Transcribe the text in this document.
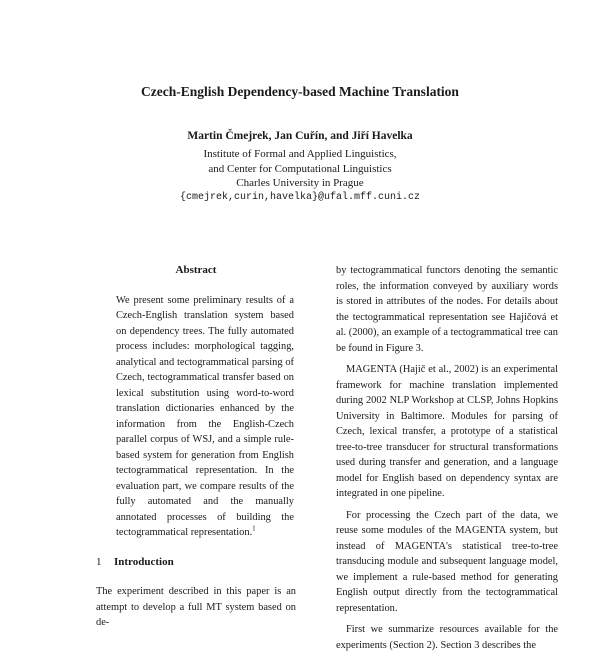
Czech-English Dependency-based Machine Translation
Martin Čmejrek, Jan Cuřín, and Jiří Havelka
Institute of Formal and Applied Linguistics,
and Center for Computational Linguistics
Charles University in Prague
{cmejrek,curin,havelka}@ufal.mff.cuni.cz
Abstract

We present some preliminary results of a Czech-English translation system based on dependency trees. The fully automated process includes: morphological tagging, analytical and tectogrammatical parsing of Czech, tectogrammatical transfer based on lexical substitution using word-to-word translation dictionaries enhanced by the information from the English-Czech parallel corpus of WSJ, and a simple rule-based system for generation from English tectogrammatical representation. In the evaluation part, we compare results of the fully automated and the manually annotated processes of building the tectogrammatical representation.$^1$

1 Introduction

The experiment described in this paper is an attempt to develop a full MT system based on de-

by tectogrammatical functors denoting the semantic roles, the information conveyed by auxiliary words is stored in attributes of the nodes. For details about the tectogrammatical representation see Hajičová et al. (2000), an example of a tectogrammatical tree can be found in Figure 3.

MAGENTA (Hajič et al., 2002) is an experimental framework for machine translation implemented during 2002 NLP Workshop at CLSP, Johns Hopkins University in Baltimore. Modules for parsing of Czech, lexical transfer, a prototype of a statistical tree-to-tree transducer for structural transformations used during transfer and generation, and a language model for English based on dependency syntax are integrated in one pipeline.

For processing the Czech part of the data, we reuse some modules of the MAGENTA system, but instead of MAGENTA's statistical tree-to-tree transducing module and subsequent language model, we implement a rule-based method for generating English output directly from the tectogrammatical representation.

First we summarize resources available for the experiments (Section 2). Section 3 describes the
